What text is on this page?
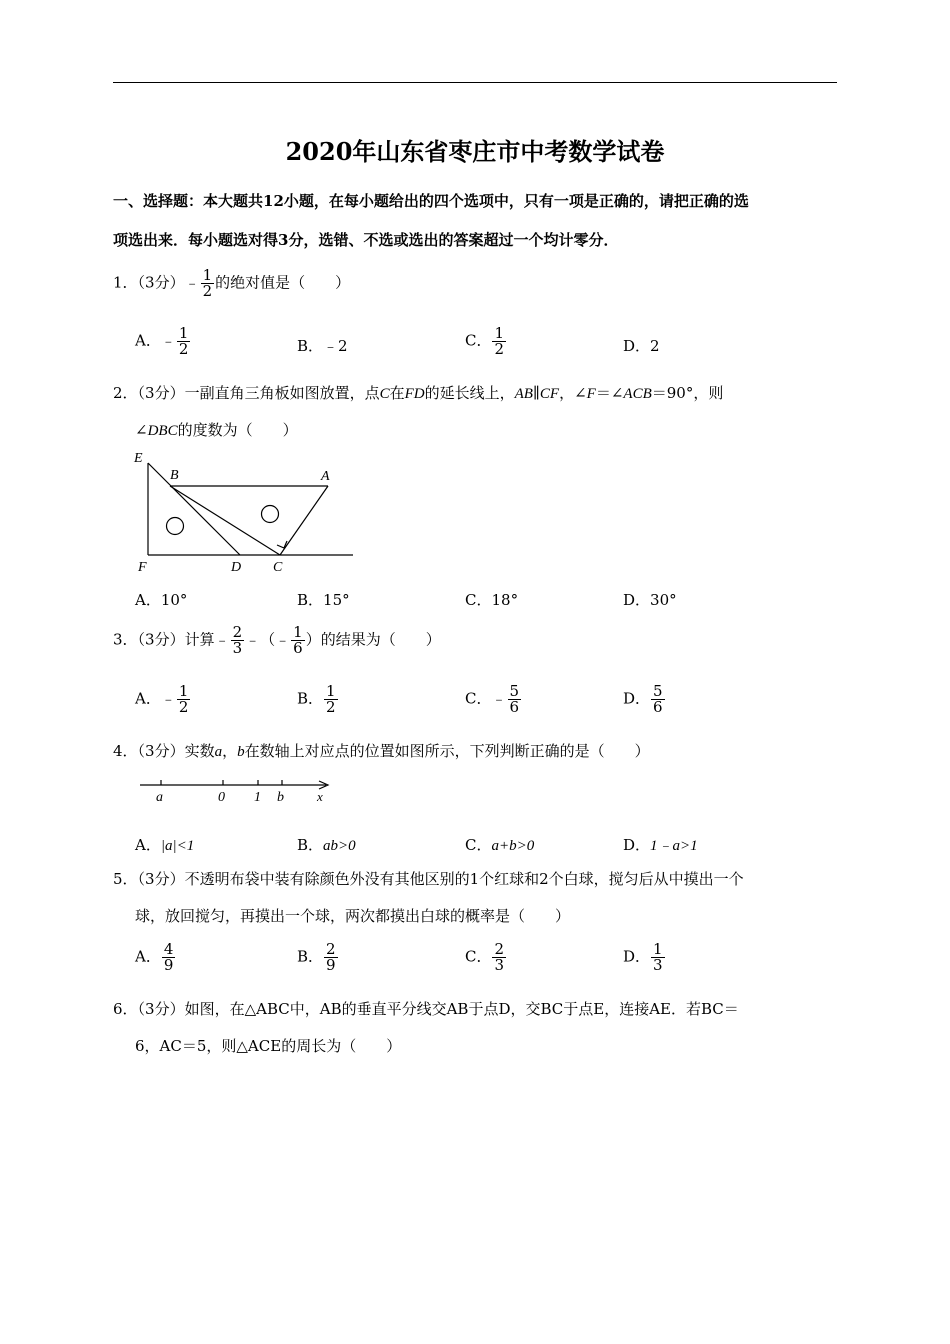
2020年山东省枣庄市中考数学试卷
一、选择题：本大题共12小题，在每小题给出的四个选项中，只有一项是正确的，请把正确的选
项选出来．每小题选对得3分，选错、不选或选出的答案超过一个均计零分．
1．（3分）﹣ $\frac{1}{2}$ 的绝对值是（　　）
A．﹣ $\frac{1}{2}$	B．﹣2	C． $\frac{1}{2}$	D．2
2．（3分）一副直角三角板如图放置，点C在FD的延长线上，AB∥CF，∠F＝∠ACB＝90°，则
∠DBC的度数为（　　）
E
B	A
F	D C
A．10°	B．15°	C．18°	D．30°
3．（3分）计算﹣ $\frac{2}{3}$ ﹣（﹣ $\frac{1}{6}$ ）的结果为（　　）
A．﹣ $\frac{1}{2}$	B． $\frac{1}{2}$	C．﹣ $\frac{5}{6}$	D． $\frac{5}{6}$
4．（3分）实数a，b在数轴上对应点的位置如图所示，下列判断正确的是（　　）
a	0 1 b	x
A．|a|<1	B．ab>0	C．a+b>0	D．1﹣a>1
5．（3分）不透明布袋中装有除颜色外没有其他区别的1个红球和2个白球，搅匀后从中摸出一个
球，放回搅匀，再摸出一个球，两次都摸出白球的概率是（　　）
A． $\frac{4}{9}$	B． $\frac{2}{9}$	C． $\frac{2}{3}$	D． $\frac{1}{3}$
6．（3分）如图，在△ABC中，AB的垂直平分线交AB于点D，交BC于点E，连接AE．若BC＝
6，AC＝5，则△ACE的周长为（　　）
